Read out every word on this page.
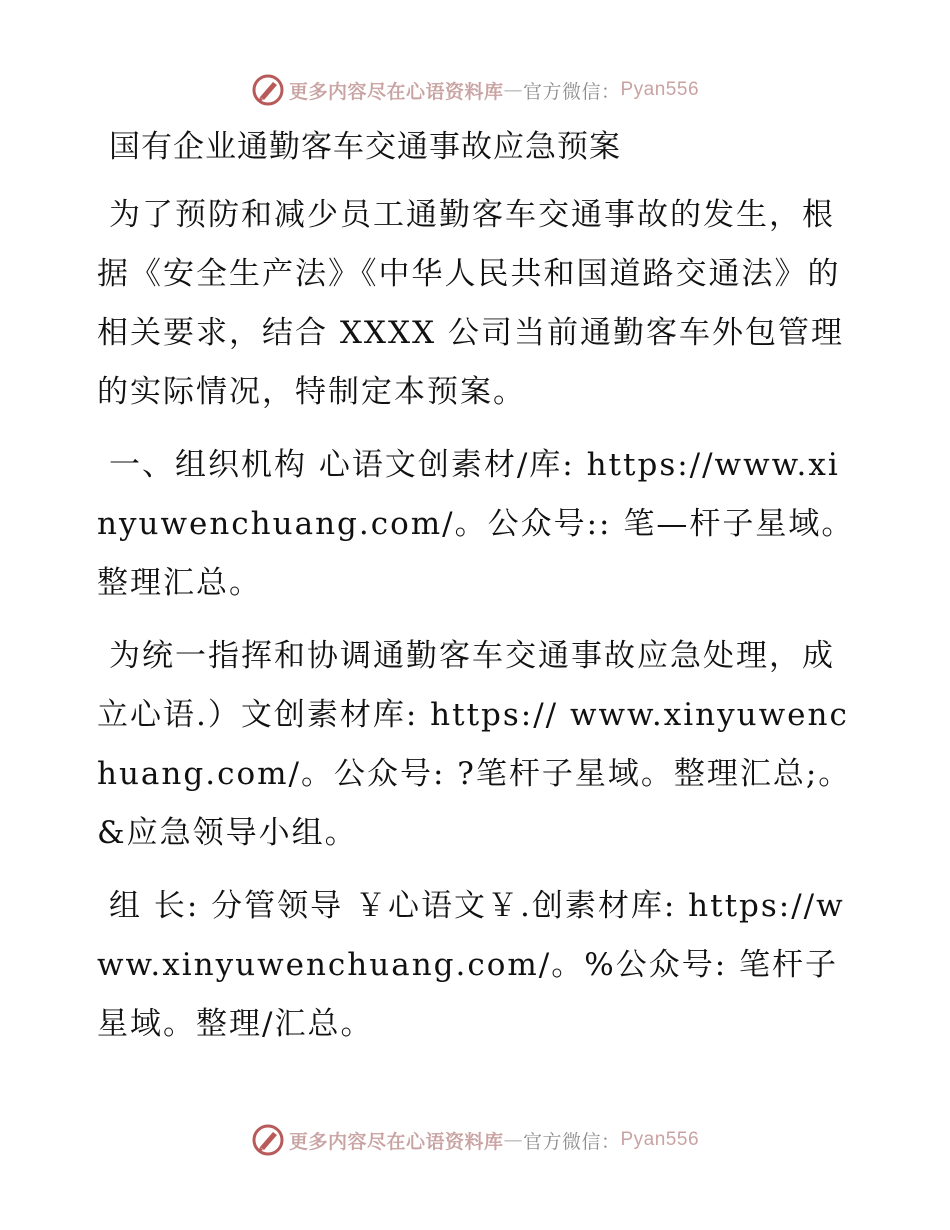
更多内容尽在心语资料库 — 官方微信： Pyan556
国有企业通勤客车交通事故应急预案

为了预防和减少员工通勤客车交通事故的发生，根据《安全生产法》《中华人民共和国道路交通法》的相关要求，结合 XXXX 公司当前通勤客车外包管理的实际情况，特制定本预案。

一、组织机构 心语文创素材/库: https://www.xinyuwenchuang.com/。公众号:: 笔—杆子星域。整理汇总。

为统一指挥和协调通勤客车交通事故应急处理，成立心语.）文创素材库: https:// www.xinyuwenchuang.com/。公众号: ?笔杆子星域。整理汇总;。&应急领导小组。

组 长: 分管领导 ￥心语文￥.创素材库: https://www.xinyuwenchuang.com/。%公众号: 笔杆子星域。整理/汇总。

更多内容尽在心语资料库 — 官方微信： Pyan556
